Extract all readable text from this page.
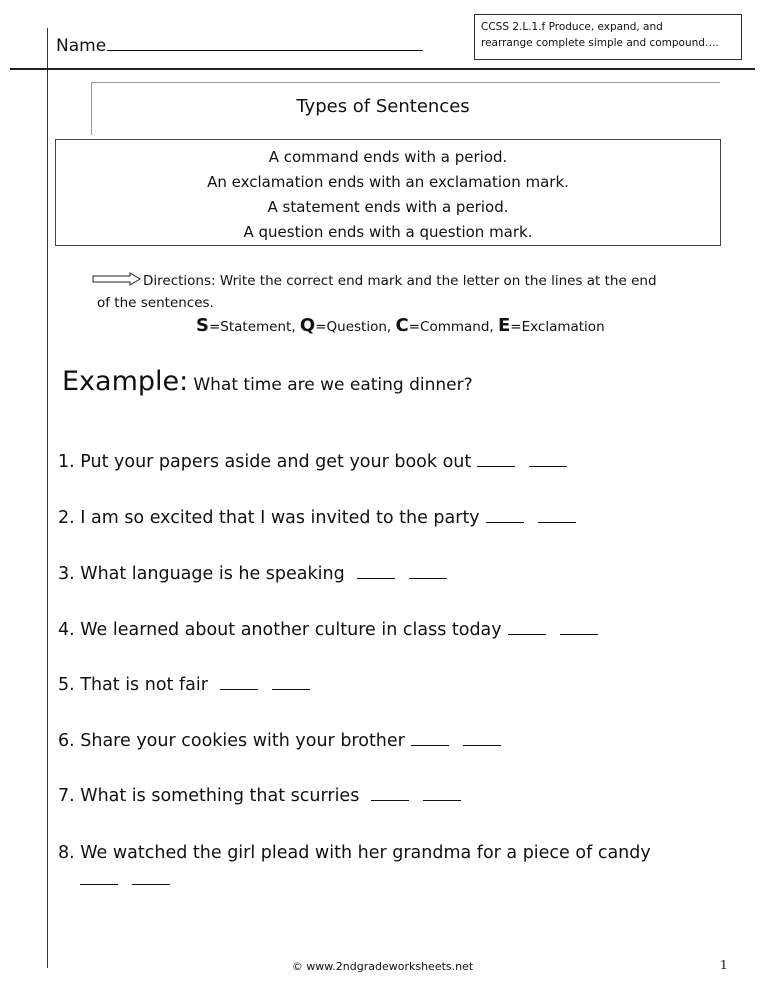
Name
CCSS 2.L.1.f Produce, expand, and
rearrange complete simple and compound….
Types of Sentences
A command ends with a period.
An exclamation ends with an exclamation mark.
A statement ends with a period.
A question ends with a question mark.
Directions: Write the correct end mark and the letter on the lines at the end
of the sentences.
S=Statement, Q=Question, C=Command, E=Exclamation
Example: What time are we eating dinner?
1. Put your papers aside and get your book out
2. I am so excited that I was invited to the party
3. What language is he speaking
4. We learned about another culture in class today
5. That is not fair
6. Share your cookies with your brother
7. What is something that scurries
8. We watched the girl plead with her grandma for a piece of candy
© www.2ndgradeworksheets.net	1
